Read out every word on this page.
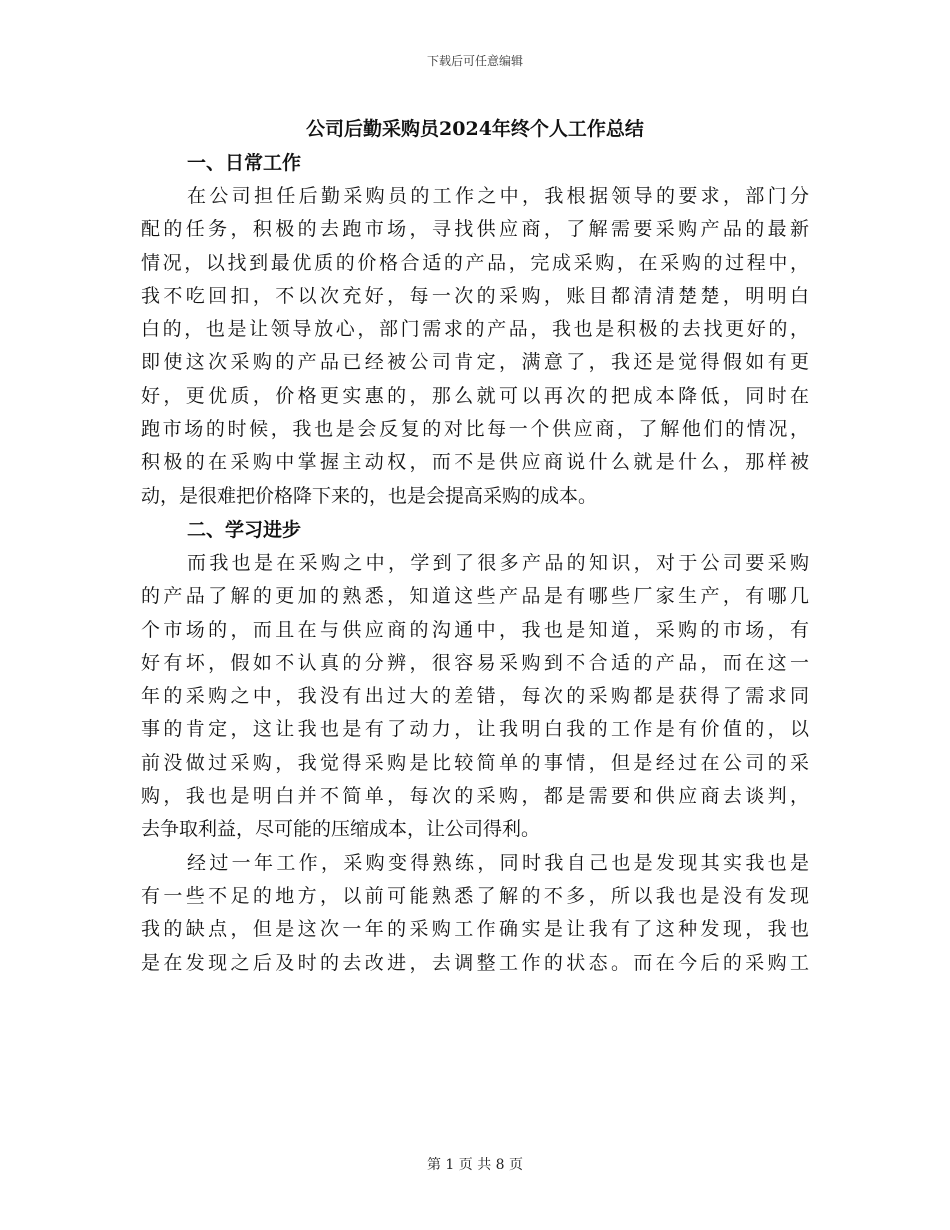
下载后可任意编辑
公司后勤采购员2024年终个人工作总结
一、日常工作

在公司担任后勤采购员的工作之中，我根据领导的要求，部门分
配的任务，积极的去跑市场，寻找供应商，了解需要采购产品的最新
情况，以找到最优质的价格合适的产品，完成采购，在采购的过程中，
我不吃回扣，不以次充好，每一次的采购，账目都清清楚楚，明明白
白的，也是让领导放心，部门需求的产品，我也是积极的去找更好的，
即使这次采购的产品已经被公司肯定，满意了，我还是觉得假如有更
好，更优质，价格更实惠的，那么就可以再次的把成本降低，同时在
跑市场的时候，我也是会反复的对比每一个供应商，了解他们的情况，
积极的在采购中掌握主动权，而不是供应商说什么就是什么，那样被
动，是很难把价格降下来的，也是会提高采购的成本。

二、学习进步

而我也是在采购之中，学到了很多产品的知识，对于公司要采购
的产品了解的更加的熟悉，知道这些产品是有哪些厂家生产，有哪几
个市场的，而且在与供应商的沟通中，我也是知道，采购的市场，有
好有坏，假如不认真的分辨，很容易采购到不合适的产品，而在这一
年的采购之中，我没有出过大的差错，每次的采购都是获得了需求同
事的肯定，这让我也是有了动力，让我明白我的工作是有价值的，以
前没做过采购，我觉得采购是比较简单的事情，但是经过在公司的采
购，我也是明白并不简单，每次的采购，都是需要和供应商去谈判，
去争取利益，尽可能的压缩成本，让公司得利。

经过一年工作，采购变得熟练，同时我自己也是发现其实我也是
有一些不足的地方，以前可能熟悉了解的不多，所以我也是没有发现
我的缺点，但是这次一年的采购工作确实是让我有了这种发现，我也
是在发现之后及时的去改进，去调整工作的状态。而在今后的采购工

第 1 页 共 8 页
